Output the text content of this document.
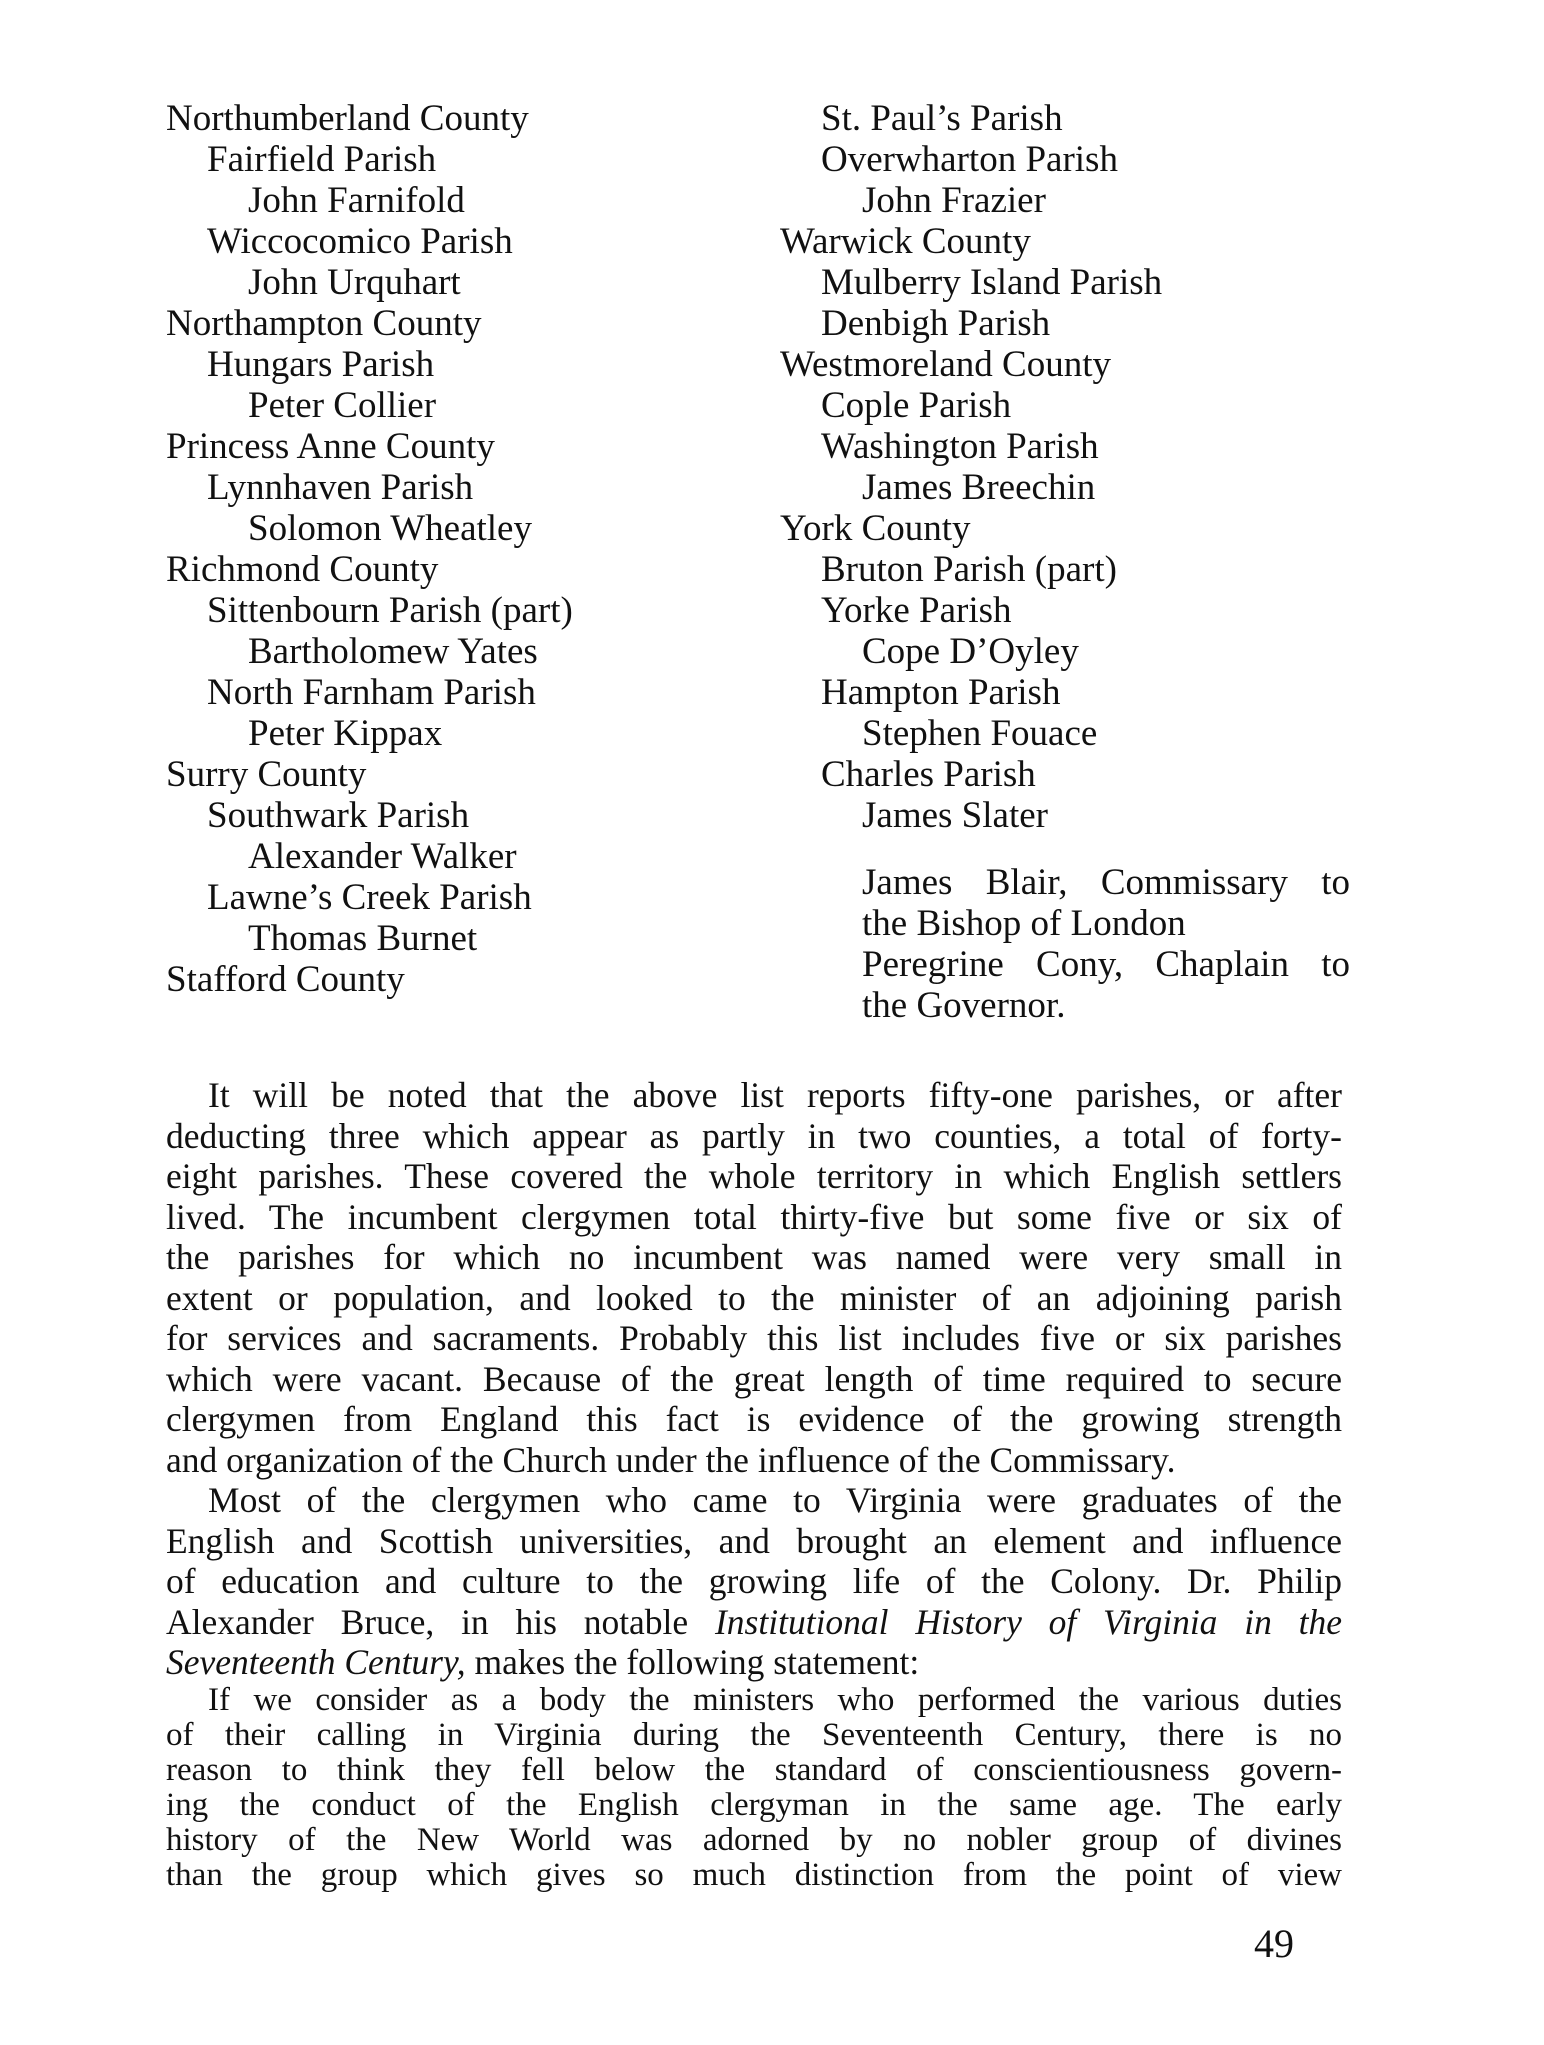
Northumberland County
Fairfield Parish
John Farnifold
Wiccocomico Parish
John Urquhart
Northampton County
Hungars Parish
Peter Collier
Princess Anne County
Lynnhaven Parish
Solomon Wheatley
Richmond County
Sittenbourn Parish (part)
Bartholomew Yates
North Farnham Parish
Peter Kippax
Surry County
Southwark Parish
Alexander Walker
Lawne’s Creek Parish
Thomas Burnet
Stafford County
St. Paul’s Parish
Overwharton Parish
John Frazier
Warwick County
Mulberry Island Parish
Denbigh Parish
Westmoreland County
Cople Parish
Washington Parish
James Breechin
York County
Bruton Parish (part)
Yorke Parish
Cope D’Oyley
Hampton Parish
Stephen Fouace
Charles Parish
James Slater
James Blair, Commissary to
the Bishop of London
Peregrine Cony, Chaplain to
the Governor.

It will be noted that the above list reports fifty-one parishes, or after
deducting three which appear as partly in two counties, a total of forty-
eight parishes. These covered the whole territory in which English settlers
lived. The incumbent clergymen total thirty-five but some five or six of
the parishes for which no incumbent was named were very small in
extent or population, and looked to the minister of an adjoining parish
for services and sacraments. Probably this list includes five or six parishes
which were vacant. Because of the great length of time required to secure
clergymen from England this fact is evidence of the growing strength
and organization of the Church under the influence of the Commissary.

Most of the clergymen who came to Virginia were graduates of the
English and Scottish universities, and brought an element and influence
of education and culture to the growing life of the Colony. Dr. Philip
Alexander Bruce, in his notable Institutional History of Virginia in the
Seventeenth Century, makes the following statement:

If we consider as a body the ministers who performed the various duties
of their calling in Virginia during the Seventeenth Century, there is no
reason to think they fell below the standard of conscientiousness govern-
ing the conduct of the English clergyman in the same age. The early
history of the New World was adorned by no nobler group of divines
than the group which gives so much distinction from the point of view

49
